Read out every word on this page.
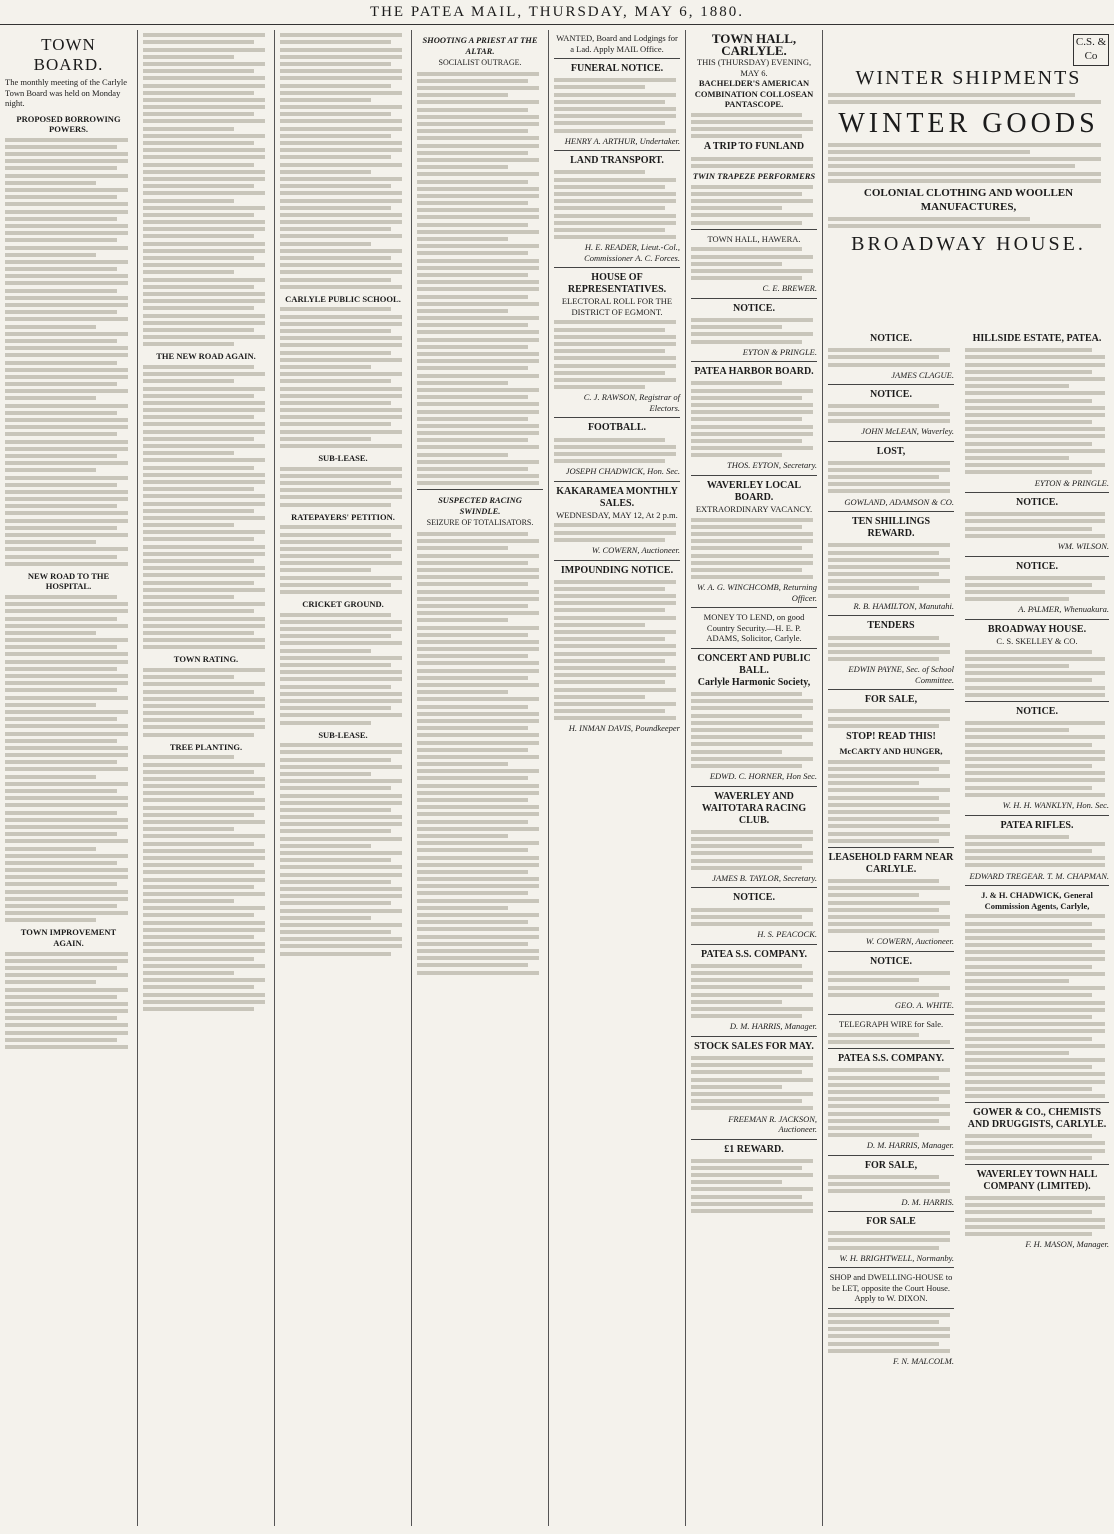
THE PATEA MAIL, THURSDAY, MAY 6, 1880.
TOWN BOARD.
The monthly meeting of the Carlyle Town Board was held on Monday night.
PROPOSED BORROWING POWERS.
NEW ROAD TO THE HOSPITAL.
TOWN IMPROVEMENT AGAIN.
THE NEW ROAD AGAIN.
TOWN RATING.
TREE PLANTING.
CARLYLE PUBLIC SCHOOL.
SUB-LEASE.
RATEPAYERS' PETITION.
CRICKET GROUND.
SUB-LEASE.
SHOOTING A PRIEST AT THE ALTAR.
SOCIALIST OUTRAGE.
SUSPECTED RACING SWINDLE.
SEIZURE OF TOTALISATORS.
WANTED, Board and Lodgings for a Lad. Apply MAIL Office.
FUNERAL NOTICE.
HENRY A. ARTHUR, Undertaker.
LAND TRANSPORT.
H. E. READER, Lieut.-Col., Commissioner A. C. Forces.
HOUSE OF REPRESENTATIVES.
ELECTORAL ROLL FOR THE DISTRICT OF EGMONT.
C. J. RAWSON, Registrar of Electors.
FOOTBALL.
JOSEPH CHADWICK, Hon. Sec.
KAKARAMEA MONTHLY SALES.
WEDNESDAY, MAY 12, At 2 p.m.
W. COWERN, Auctioneer.
IMPOUNDING NOTICE.
H. INMAN DAVIS, Poundkeeper
TOWN HALL, CARLYLE.
THIS (THURSDAY) EVENING, MAY 6.
BACHELDER'S AMERICAN COMBINATION COLLOSEAN PANTASCOPE.
A TRIP TO FUNLAND
TWIN TRAPEZE PERFORMERS
TOWN HALL, HAWERA.
C. E. BREWER.
NOTICE.
EYTON & PRINGLE.
PATEA HARBOR BOARD.
THOS. EYTON, Secretary.
WAVERLEY LOCAL BOARD.
EXTRAORDINARY VACANCY.
W. A. G. WINCHCOMB, Returning Officer.
MONEY TO LEND, on good Country Security.—H. E. P. ADAMS, Solicitor, Carlyle.
CONCERT AND PUBLIC BALL.
Carlyle Harmonic Society,
EDWD. C. HORNER, Hon Sec.
WAVERLEY AND WAITOTARA RACING CLUB.
JAMES B. TAYLOR, Secretary.
NOTICE.
H. S. PEACOCK.
PATEA S.S. COMPANY.
D. M. HARRIS, Manager.
STOCK SALES FOR MAY.
FREEMAN R. JACKSON, Auctioneer.
£1 REWARD.
C.S. & Co
WINTER SHIPMENTS
WINTER GOODS
COLONIAL CLOTHING AND WOOLLEN MANUFACTURES,
BROADWAY HOUSE.
NOTICE.
JAMES CLAGUE.
NOTICE.
JOHN McLEAN, Waverley.
LOST,
GOWLAND, ADAMSON & CO.
TEN SHILLINGS REWARD.
R. B. HAMILTON, Manutahi.
TENDERS
EDWIN PAYNE, Sec. of School Committee.
FOR SALE,
STOP! READ THIS!
McCARTY AND HUNGER,
LEASEHOLD FARM NEAR CARLYLE.
W. COWERN, Auctioneer.
NOTICE.
GEO. A. WHITE.
TELEGRAPH WIRE for Sale.
PATEA S.S. COMPANY.
D. M. HARRIS, Manager.
FOR SALE,
D. M. HARRIS.
FOR SALE
W. H. BRIGHTWELL, Normanby.
SHOP and DWELLING-HOUSE to be LET, opposite the Court House. Apply to W. DIXON.
F. N. MALCOLM.
HILLSIDE ESTATE, PATEA.
EYTON & PRINGLE.
NOTICE.
WM. WILSON.
NOTICE.
A. PALMER, Whenuakura.
BROADWAY HOUSE.
C. S. SKELLEY & CO.
NOTICE.
W. H. H. WANKLYN, Hon. Sec.
PATEA RIFLES.
EDWARD TREGEAR. T. M. CHAPMAN.
J. & H. CHADWICK, General Commission Agents, Carlyle,
GOWER & CO., CHEMISTS AND DRUGGISTS, CARLYLE.
WAVERLEY TOWN HALL COMPANY (LIMITED).
F. H. MASON, Manager.
